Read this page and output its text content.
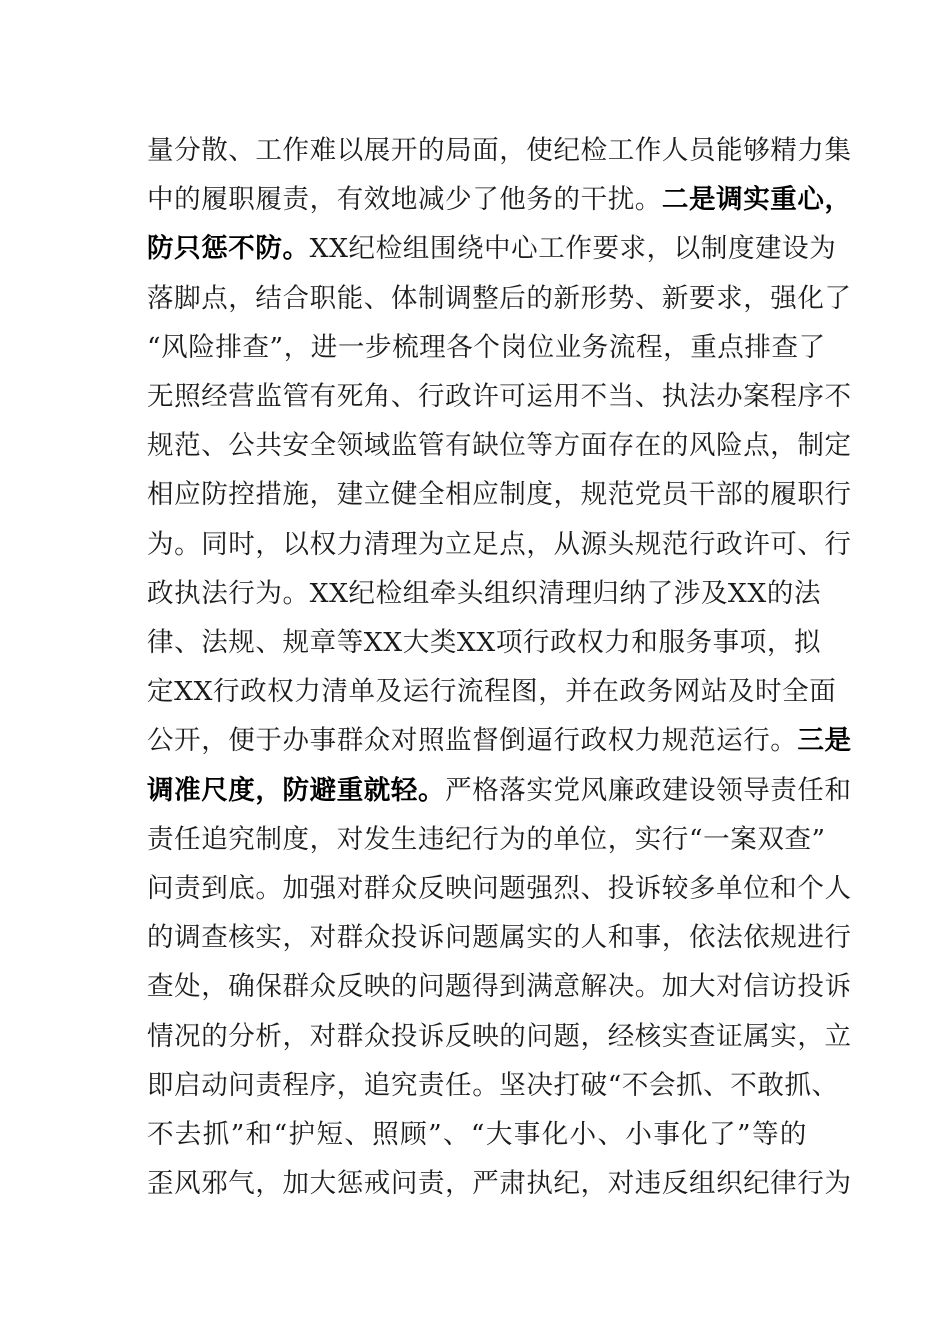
量分散、工作难以展开的局面，使纪检工作人员能够精力集
中的履职履责，有效地减少了他务的干扰。二是调实重心，
防只惩不防。XX纪检组围绕中心工作要求，以制度建设为
落脚点，结合职能、体制调整后的新形势、新要求，强化了
“风险排查”，进一步梳理各个岗位业务流程，重点排查了
无照经营监管有死角、行政许可运用不当、执法办案程序不
规范、公共安全领域监管有缺位等方面存在的风险点，制定
相应防控措施，建立健全相应制度，规范党员干部的履职行
为。同时，以权力清理为立足点，从源头规范行政许可、行
政执法行为。XX纪检组牵头组织清理归纳了涉及XX的法
律、法规、规章等XX大类XX项行政权力和服务事项，拟
定XX行政权力清单及运行流程图，并在政务网站及时全面
公开，便于办事群众对照监督倒逼行政权力规范运行。三是
调准尺度，防避重就轻。严格落实党风廉政建设领导责任和
责任追究制度，对发生违纪行为的单位，实行“一案双查”
问责到底。加强对群众反映问题强烈、投诉较多单位和个人
的调查核实，对群众投诉问题属实的人和事，依法依规进行
查处，确保群众反映的问题得到满意解决。加大对信访投诉
情况的分析，对群众投诉反映的问题，经核实查证属实，立
即启动问责程序，追究责任。坚决打破“不会抓、不敢抓、
不去抓”和“护短、照顾”、“大事化小、小事化了”等的
歪风邪气，加大惩戒问责，严肃执纪，对违反组织纪律行为
